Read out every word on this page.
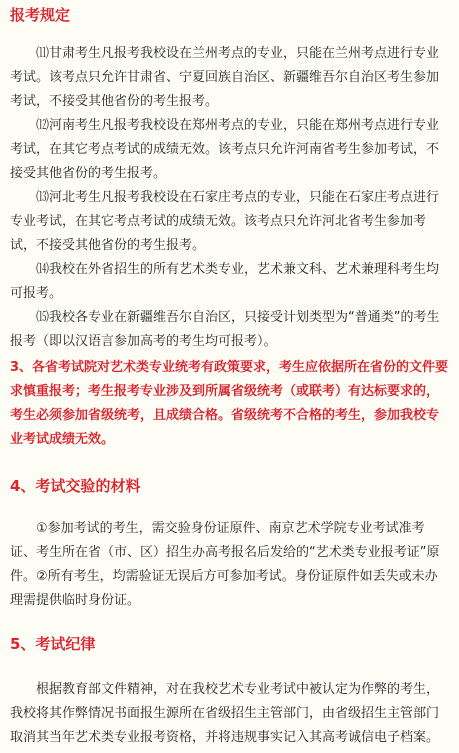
报考规定

⑾甘肃考生凡报考我校设在兰州考点的专业，只能在兰州考点进行专业考试。该考点只允许甘肃省、宁夏回族自治区、新疆维吾尔自治区考生参加考试，不接受其他省份的考生报考。

⑿河南考生凡报考我校设在郑州考点的专业，只能在郑州考点进行专业考试，在其它考点考试的成绩无效。该考点只允许河南省考生参加考试，不接受其他省份的考生报考。

⒀河北考生凡报考我校设在石家庄考点的专业，只能在石家庄考点进行专业考试，在其它考点考试的成绩无效。该考点只允许河北省考生参加考试，不接受其他省份的考生报考。

⒁我校在外省招生的所有艺术类专业，艺术兼文科、艺术兼理科考生均可报考。

⒂我校各专业在新疆维吾尔自治区，只接受计划类型为“普通类”的考生报考（即以汉语言参加高考的考生均可报考）。

3、各省考试院对艺术类专业统考有政策要求，考生应依据所在省份的文件要求慎重报考；考生报考专业涉及到所属省级统考（或联考）有达标要求的，考生必须参加省级统考，且成绩合格。省级统考不合格的考生，参加我校专业考试成绩无效。

4、考试交验的材料

①参加考试的考生，需交验身份证原件、南京艺术学院专业考试准考证、考生所在省（市、区）招生办高考报名后发给的“艺术类专业报考证”原件。 ②所有考生，均需验证无误后方可参加考试。身份证原件如丢失或未办理需提供临时身份证。

5、考试纪律

根据教育部文件精神，对在我校艺术专业考试中被认定为作弊的考生，我校将其作弊情况书面报生源所在省级招生主管部门，由省级招生主管部门取消其当年艺术类专业报考资格，并将违规事实记入其高考诚信电子档案。
